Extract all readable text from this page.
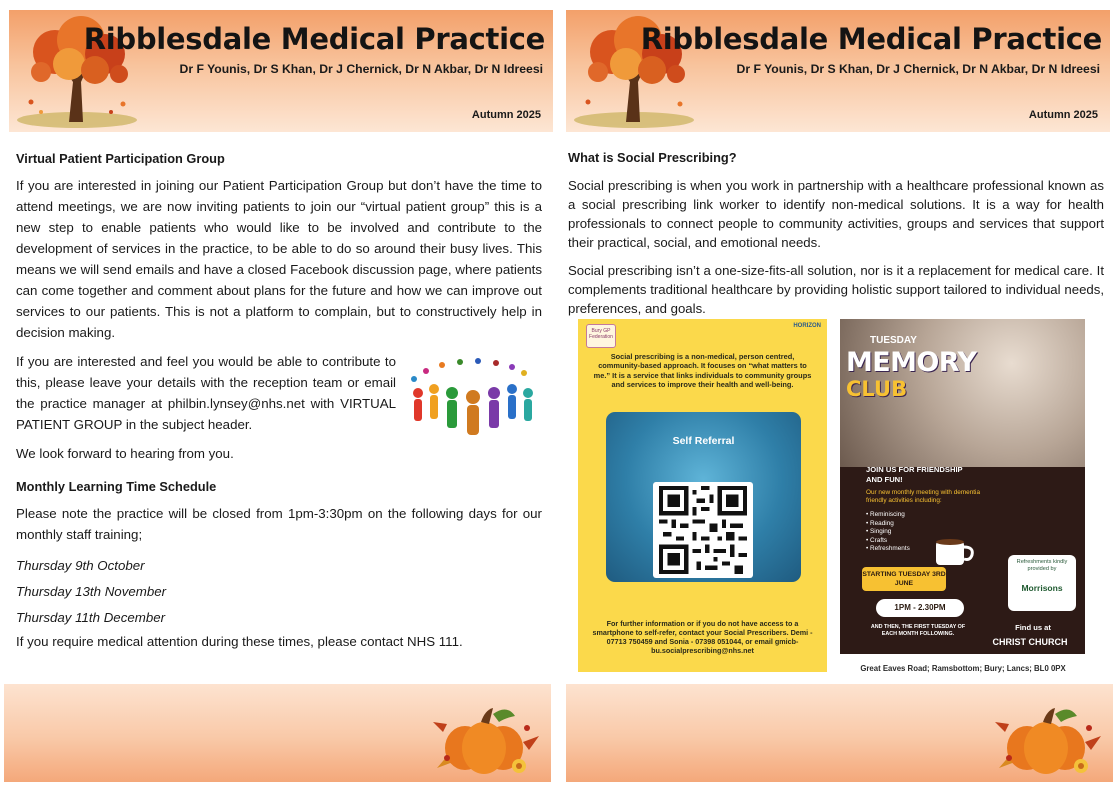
Ribblesdale Medical Practice
Dr F Younis, Dr S Khan, Dr J Chernick, Dr N Akbar, Dr N Idreesi
Autumn 2025
Virtual Patient Participation Group
If you are interested in joining our Patient Participation Group but don’t have the time to attend meetings, we are now inviting patients to join our “virtual patient group” this is a new step to enable patients who would like to be involved and contribute to the development of services in the practice, to be able to do so around their busy lives. This means we will send emails and have a closed Facebook discussion page, where patients can come together and comment about plans for the future and how we can improve out services to our patients. This is not a platform to complain, but to constructively help in decision making.
If you are interested and feel you would be able to contribute to this, please leave your details with the reception team or email the practice manager at philbin.lynsey@nhs.net with VIRTUAL PATIENT GROUP in the subject header.
We look forward to hearing from you.
Monthly Learning Time Schedule
Please note the practice will be closed from 1pm-3:30pm on the following days for our monthly staff training;
Thursday 9th October
Thursday 13th November
Thursday 11th December
If you require medical attention during these times, please contact NHS 111.
Ribblesdale Medical Practice
Dr F Younis, Dr S Khan, Dr J Chernick, Dr N Akbar, Dr N Idreesi
Autumn 2025
What is Social Prescribing?
Social prescribing is when you work in partnership with a healthcare professional known as a social prescribing link worker to identify non-medical solutions. It is a way for health professionals to connect people to community activities, groups and services that support their practical, social, and emotional needs.
Social prescribing isn’t a one-size-fits-all solution, nor is it a replacement for medical care. It complements traditional healthcare by providing holistic support tailored to individual needs, preferences, and goals.
Bury GP Federation
HORIZON
Social prescribing is a non-medical, person centred, community-based approach. It focuses on “what matters to me.” It is a service that links individuals to community groups and services to improve their health and well-being.
Self Referral
For further information or if you do not have access to a smartphone to self-refer, contact your Social Prescribers. Demi - 07713 750459 and Sonia - 07398 051044, or email gmicb-bu.socialprescribing@nhs.net
TUESDAY
MEMORY
CLUB
JOIN US FOR FRIENDSHIP AND FUN!
Our new monthly meeting with dementia friendly activities including:
• Reminiscing
• Reading
• Singing
• Crafts
• Refreshments
STARTING TUESDAY 3RD JUNE
1PM - 2.30PM
AND THEN, THE FIRST TUESDAY OF EACH MONTH FOLLOWING.
Refreshments kindly provided by
Morrisons
Find us at
CHRIST CHURCH
Great Eaves Road; Ramsbottom; Bury; Lancs; BL0 0PX
